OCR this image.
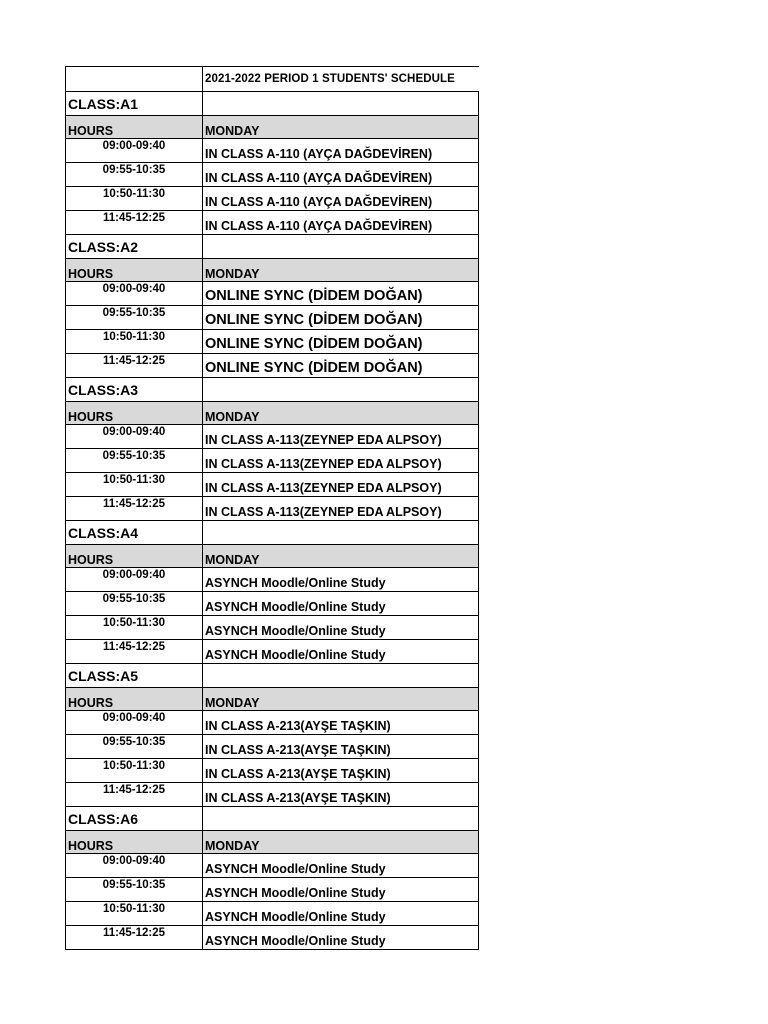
	2021-2022 PERIOD 1 STUDENTS' SCHEDULE
CLASS:A1	
HOURS	MONDAY
09:00-09:40	IN CLASS A-110 (AYÇA DAĞDEVİREN)
09:55-10:35	IN CLASS A-110 (AYÇA DAĞDEVİREN)
10:50-11:30	IN CLASS A-110 (AYÇA DAĞDEVİREN)
11:45-12:25	IN CLASS A-110 (AYÇA DAĞDEVİREN)
CLASS:A2	
HOURS	MONDAY
09:00-09:40	ONLINE SYNC (DİDEM DOĞAN)
09:55-10:35	ONLINE SYNC (DİDEM DOĞAN)
10:50-11:30	ONLINE SYNC (DİDEM DOĞAN)
11:45-12:25	ONLINE SYNC (DİDEM DOĞAN)
CLASS:A3	
HOURS	MONDAY
09:00-09:40	IN CLASS A-113(ZEYNEP EDA ALPSOY)
09:55-10:35	IN CLASS A-113(ZEYNEP EDA ALPSOY)
10:50-11:30	IN CLASS A-113(ZEYNEP EDA ALPSOY)
11:45-12:25	IN CLASS A-113(ZEYNEP EDA ALPSOY)
CLASS:A4	
HOURS	MONDAY
09:00-09:40	ASYNCH Moodle/Online Study
09:55-10:35	ASYNCH Moodle/Online Study
10:50-11:30	ASYNCH Moodle/Online Study
11:45-12:25	ASYNCH Moodle/Online Study
CLASS:A5	
HOURS	MONDAY
09:00-09:40	IN CLASS A-213(AYŞE TAŞKIN)
09:55-10:35	IN CLASS A-213(AYŞE TAŞKIN)
10:50-11:30	IN CLASS A-213(AYŞE TAŞKIN)
11:45-12:25	IN CLASS A-213(AYŞE TAŞKIN)
CLASS:A6	
HOURS	MONDAY
09:00-09:40	ASYNCH Moodle/Online Study
09:55-10:35	ASYNCH Moodle/Online Study
10:50-11:30	ASYNCH Moodle/Online Study
11:45-12:25	ASYNCH Moodle/Online Study
